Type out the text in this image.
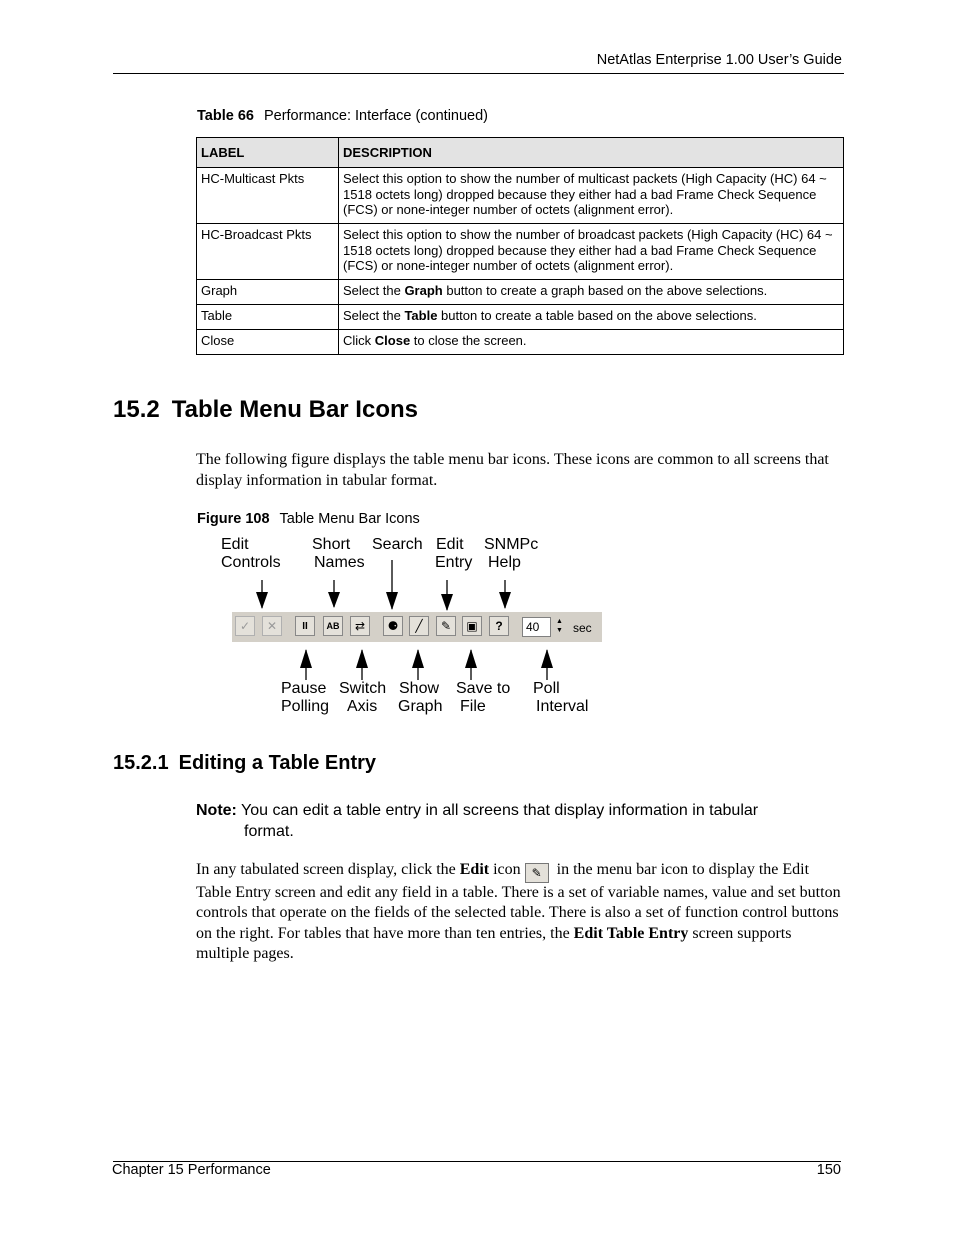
NetAtlas Enterprise 1.00 User’s Guide
Table 66 Performance: Interface (continued)
LABEL	DESCRIPTION
HC-Multicast Pkts	Select this option to show the number of multicast packets (High Capacity (HC) 64 ~ 1518 octets long) dropped because they either had a bad Frame Check Sequence (FCS) or none-integer number of octets (alignment error).
HC-Broadcast Pkts	Select this option to show the number of broadcast packets (High Capacity (HC) 64 ~ 1518 octets long) dropped because they either had a bad Frame Check Sequence (FCS) or none-integer number of octets (alignment error).
Graph	Select the Graph button to create a graph based on the above selections.
Table	Select the Table button to create a table based on the above selections.
Close	Click Close to close the screen.
15.2 Table Menu Bar Icons

The following figure displays the table menu bar icons. These icons are common to all screens that display information in tabular format.

Figure 108 Table Menu Bar Icons
Edit
Controls
Short
Names
Search Edit
Entry
SNMPc
Help
✓	✕	II	AB	⇄	⚈	╱	✎	▣	?	40	▲
▼ sec
Pause
Polling
Switch
Axis
Show
Graph
Save to
File
Poll
Interval
15.2.1 Editing a Table Entry
Note: You can edit a table entry in all screens that display information in tabular
format.

In any tabulated screen display, click the Edit icon ✎ in the menu bar icon to display the Edit Table Entry screen and edit any field in a table. There is a set of variable names, value and set button controls that operate on the fields of the selected table. There is also a set of function control buttons on the right. For tables that have more than ten entries, the Edit Table Entry screen supports multiple pages.

Chapter 15 Performance	150
